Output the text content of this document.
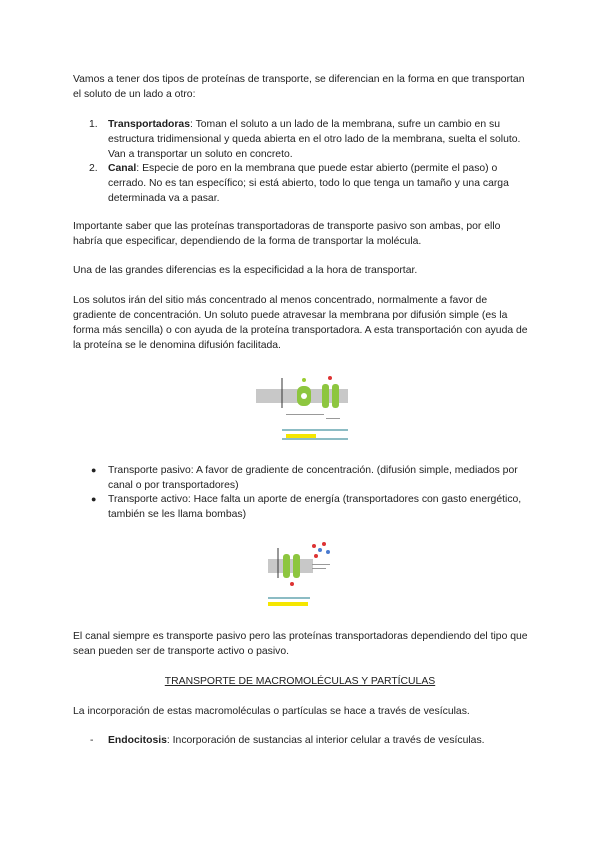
Vamos a tener dos tipos de proteínas de transporte, se diferencian en la forma en que transportan el soluto de un lado a otro:

1. Transportadoras: Toman el soluto a un lado de la membrana, sufre un cambio en su estructura tridimensional y queda abierta en el otro lado de la membrana, suelta el soluto. Van a transportar un soluto en concreto.
2. Canal: Especie de poro en la membrana que puede estar abierto (permite el paso) o cerrado. No es tan específico; si está abierto, todo lo que tenga un tamaño y una carga determinada va a pasar.

Importante saber que las proteínas transportadoras de transporte pasivo son ambas, por ello habría que especificar, dependiendo de la forma de transportar la molécula.

Una de las grandes diferencias es la especificidad a la hora de transportar.

Los solutos irán del sitio más concentrado al menos concentrado, normalmente a favor de gradiente de concentración. Un soluto puede atravesar la membrana por difusión simple (es la forma más sencilla) o con ayuda de la proteína transportadora. A esta transportación con ayuda de la proteína se le denomina difusión facilitada.

● Transporte pasivo: A favor de gradiente de concentración. (difusión simple, mediados por canal o por transportadores)
● Transporte activo: Hace falta un aporte de energía (transportadores con gasto energético, también se les llama bombas)

El canal siempre es transporte pasivo pero las proteínas transportadoras dependiendo del tipo que sean pueden ser de transporte activo o pasivo.

TRANSPORTE DE MACROMOLÉCULAS Y PARTÍCULAS

La incorporación de estas macromoléculas o partículas se hace a través de vesículas.

- Endocitosis: Incorporación de sustancias al interior celular a través de vesículas.
